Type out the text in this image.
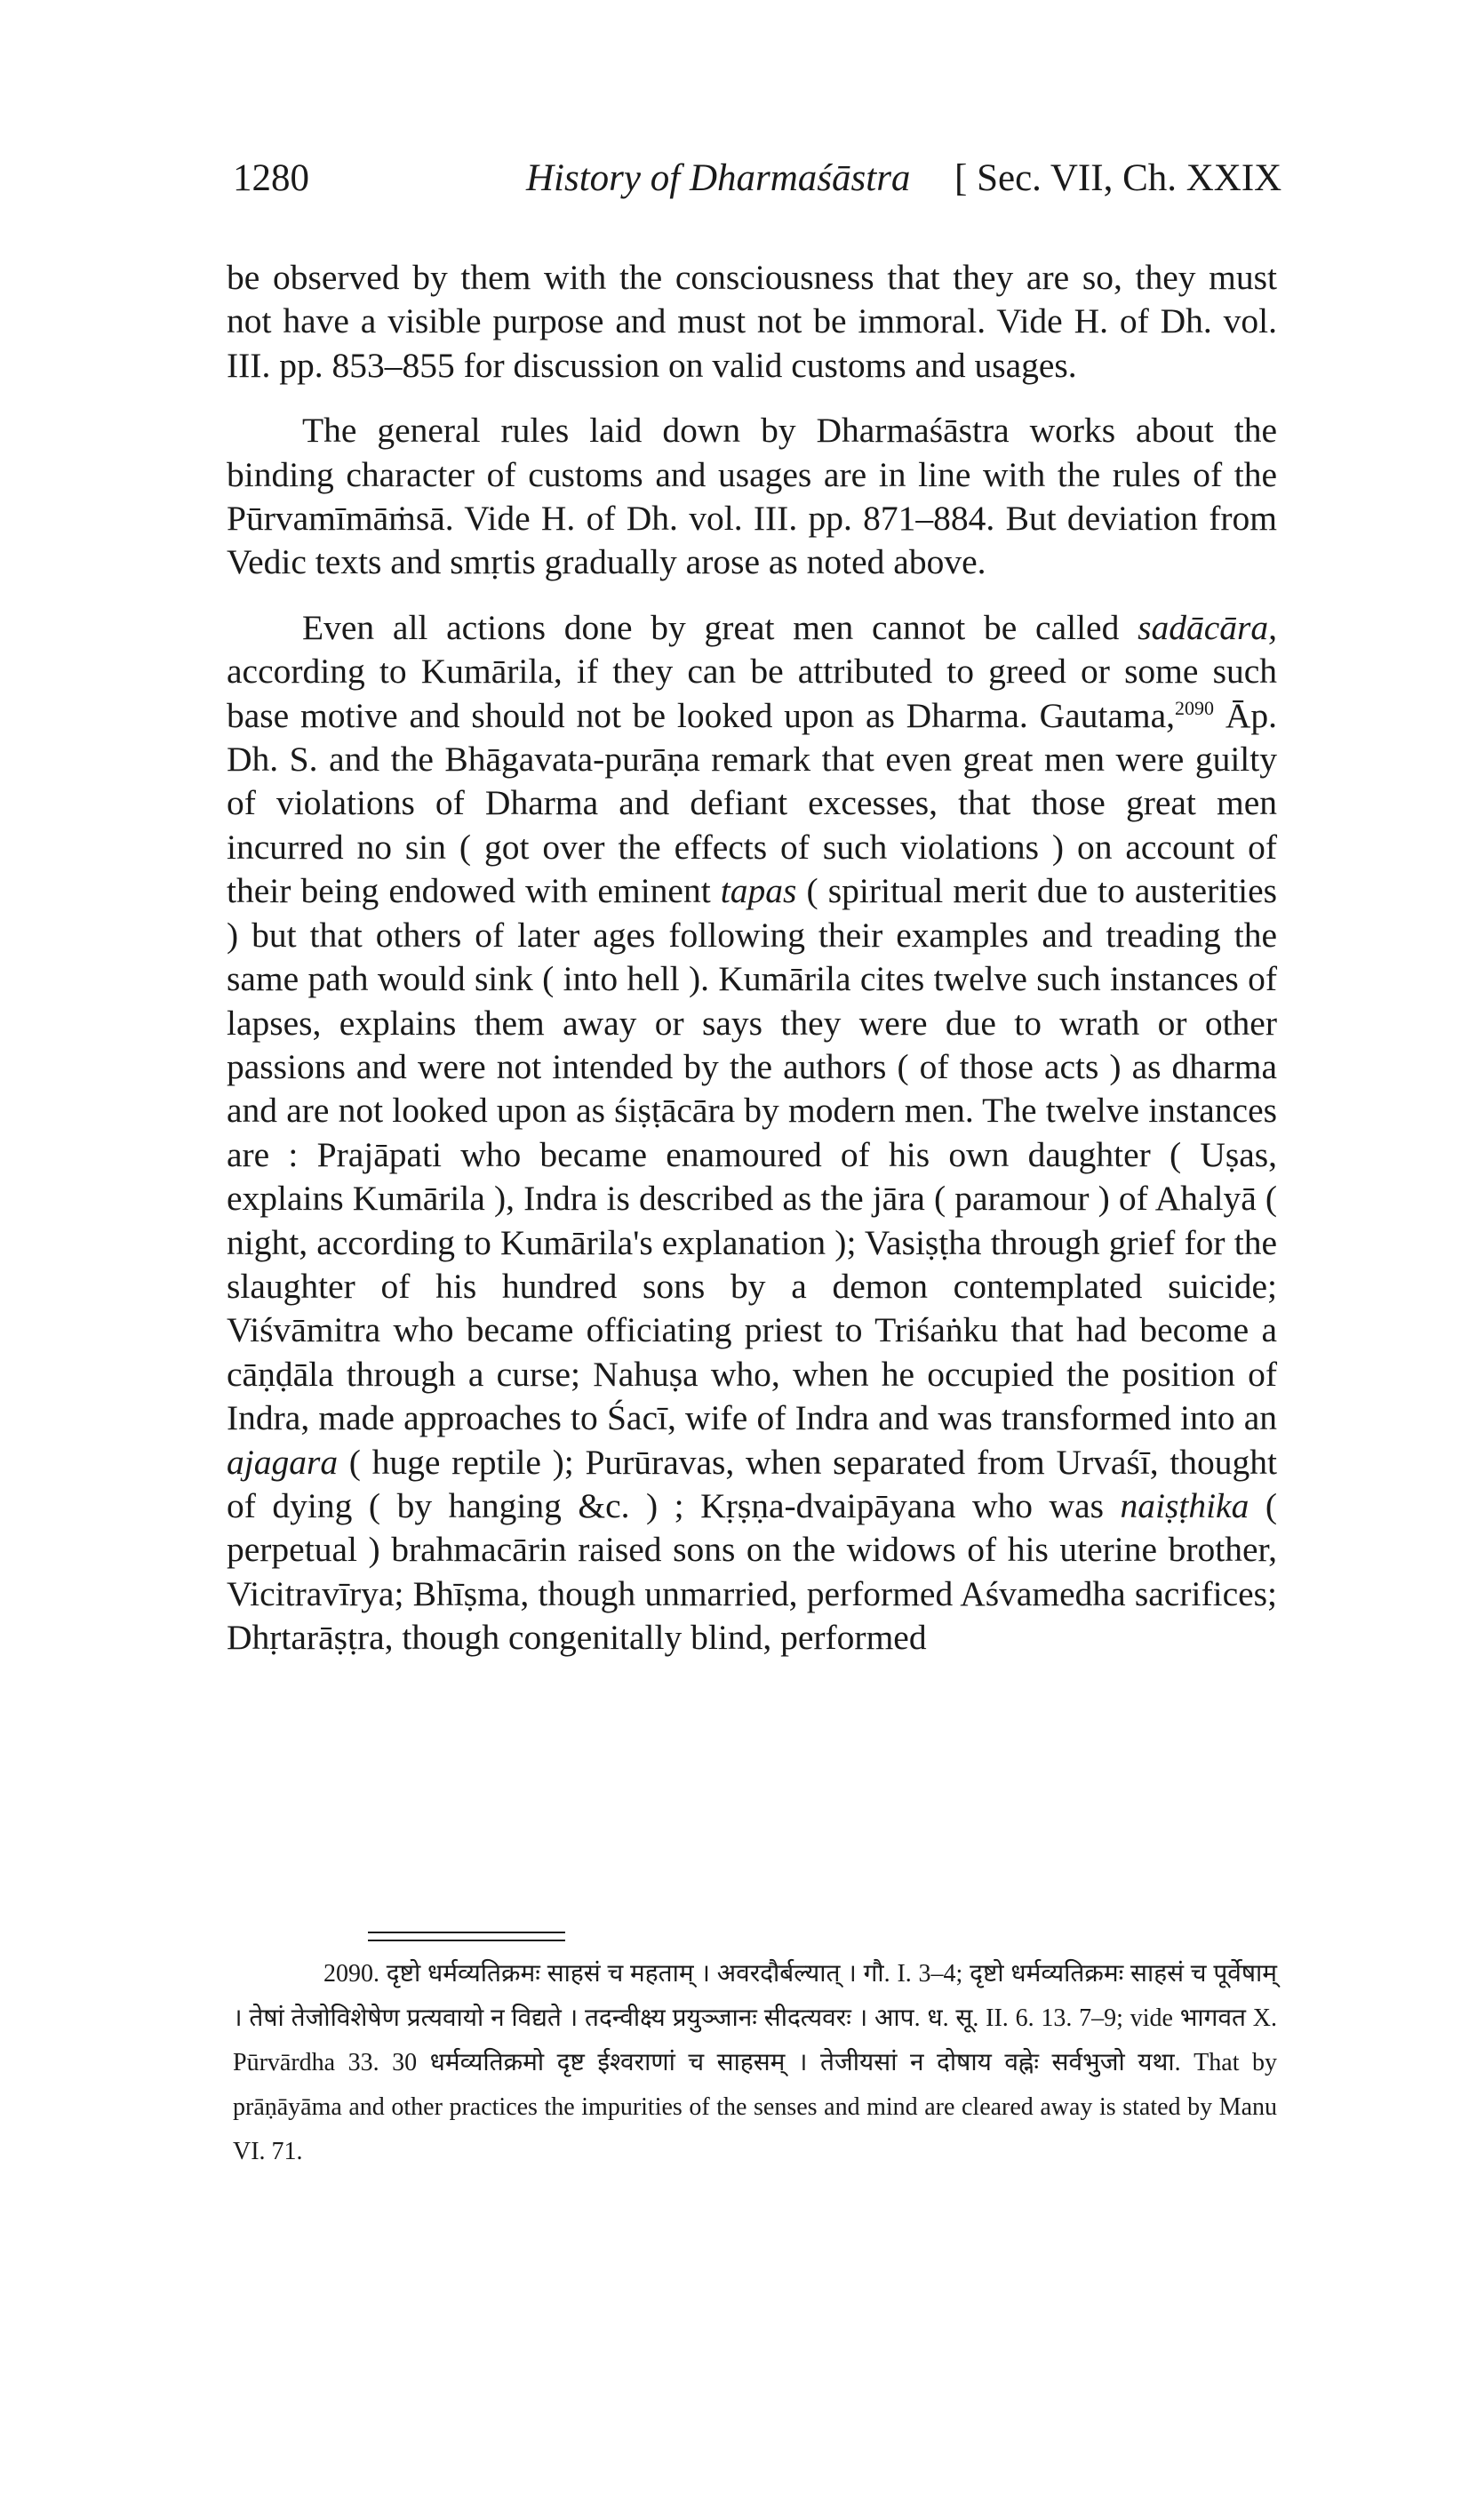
1280	History of Dharmaśāstra [ Sec. VII, Ch. XXIX

be observed by them with the consciousness that they are so, they must not have a visible purpose and must not be immoral. Vide H. of Dh. vol. III. pp. 853–855 for discussion on valid customs and usages.

The general rules laid down by Dharmaśāstra works about the binding character of customs and usages are in line with the rules of the Pūrvamīmāṁsā. Vide H. of Dh. vol. III. pp. 871–884. But deviation from Vedic texts and smṛtis gradually arose as noted above.

Even all actions done by great men cannot be called sadācāra, according to Kumārila, if they can be attributed to greed or some such base motive and should not be looked upon as Dharma. Gautama,$^{2090}$ Āp. Dh. S. and the Bhāgavata-purāṇa remark that even great men were guilty of violations of Dharma and defiant excesses, that those great men incurred no sin ( got over the effects of such violations ) on account of their being endowed with eminent tapas ( spiritual merit due to austerities ) but that others of later ages following their examples and treading the same path would sink ( into hell ). Kumārila cites twelve such instances of lapses, explains them away or says they were due to wrath or other passions and were not intended by the authors ( of those acts ) as dharma and are not looked upon as śiṣṭācāra by modern men. The twelve instances are : Prajāpati who became enamoured of his own daughter ( Uṣas, explains Kumārila ), Indra is described as the jāra ( paramour ) of Ahalyā ( night, according to Kumārila's explanation ); Vasiṣṭha through grief for the slaughter of his hundred sons by a demon contemplated suicide; Viśvāmitra who became officiating priest to Triśaṅku that had become a cāṇḍāla through a curse; Nahuṣa who, when he occupied the position of Indra, made approaches to Śacī, wife of Indra and was transformed into an ajagara ( huge reptile ); Purūravas, when separated from Urvaśī, thought of dying ( by hanging &c. ) ; Kṛṣṇa-dvaipāyana who was naiṣṭhika ( perpetual ) brahmacārin raised sons on the widows of his uterine brother, Vicitravīrya; Bhīṣma, though unmarried, performed Aśvamedha sacrifices; Dhṛtarāṣṭra, though congenitally blind, performed

2090. दृष्टो धर्मव्यतिक्रमः साहसं च महताम् । अवरदौर्बल्यात् । गौ. I. 3–4; दृष्टो धर्मव्यतिक्रमः साहसं च पूर्वेषाम् । तेषां तेजोविशेषेण प्रत्यवायो न विद्यते । तदन्वीक्ष्य प्रयुञ्जानः सीदत्यवरः । आप. ध. सू. II. 6. 13. 7–9; vide भागवत X. Pūrvārdha 33. 30 धर्मव्यतिक्रमो दृष्ट ईश्वराणां च साहसम् । तेजीयसां न दोषाय वह्नेः सर्वभुजो यथा. That by prāṇāyāma and other practices the impurities of the senses and mind are cleared away is stated by Manu VI. 71.
